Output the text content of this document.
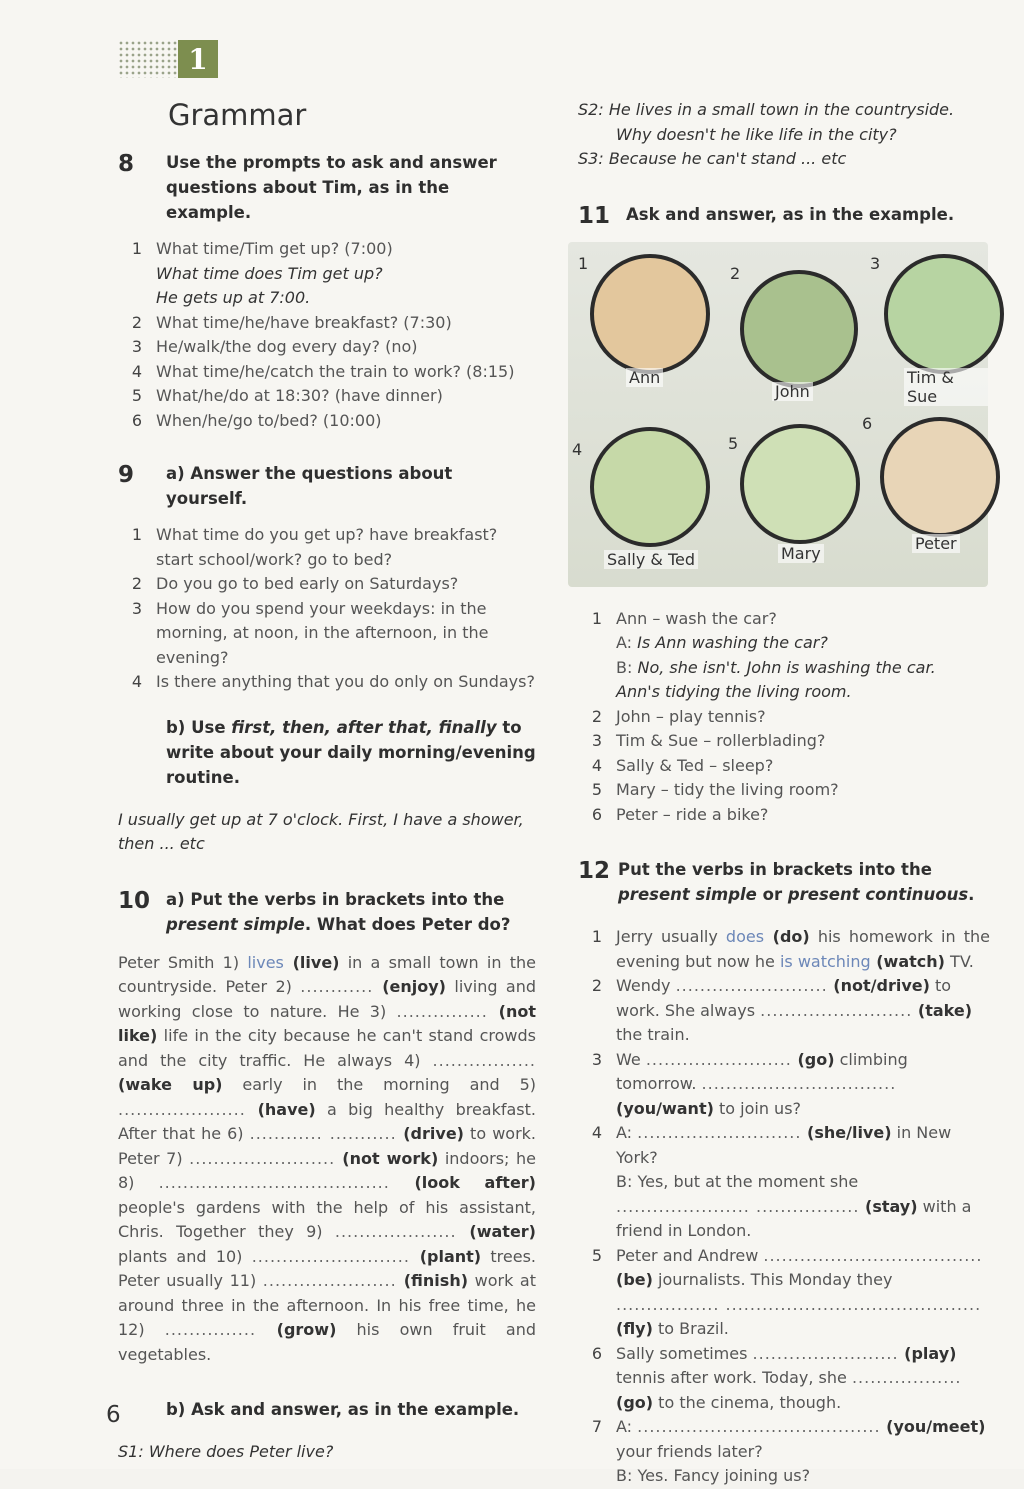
1
Grammar
8	Use the prompts to ask and answer questions about Tim, as in the example.
1 What time/Tim get up? (7:00)
What time does Tim get up?
He gets up at 7:00.
2 What time/he/have breakfast? (7:30)
3 He/walk/the dog every day? (no)
4 What time/he/catch the train to work? (8:15)
5 What/he/do at 18:30? (have dinner)
6 When/he/go to/bed? (10:00)
9	a) Answer the questions about yourself.
1 What time do you get up? have breakfast? start school/work? go to bed?
2 Do you go to bed early on Saturdays?
3 How do you spend your weekdays: in the morning, at noon, in the afternoon, in the evening?
4 Is there anything that you do only on Sundays?
b) Use first, then, after that, finally to write about your daily morning/evening routine.
I usually get up at 7 o'clock. First, I have a shower, then ... etc
10 a) Put the verbs in brackets into the present simple. What does Peter do?
Peter Smith 1) lives (live) in a small town in the countryside. Peter 2) ............ (enjoy) living and working close to nature. He 3) ............... (not like) life in the city because he can't stand crowds and the city traffic. He always 4) ................. (wake up) early in the morning and 5) ..................... (have) a big healthy breakfast. After that he 6) ............ ........... (drive) to work. Peter 7) ........................ (not work) indoors; he 8) ...................................... (look after) people's gardens with the help of his assistant, Chris. Together they 9) .................... (water) plants and 10) .......................... (plant) trees. Peter usually 11) ...................... (finish) work at around three in the afternoon. In his free time, he 12) ............... (grow) his own fruit and vegetables.
b) Ask and answer, as in the example.
S1: Where does Peter live?
S2: He lives in a small town in the countryside.
Why doesn't he like life in the city?
S3: Because he can't stand ... etc
11 Ask and answer, as in the example.
1
2
3
4	5
6
Ann
John
Tim & Sue
Sally & Ted	Mary
Peter
1 Ann – wash the car?
A: Is Ann washing the car?
B: No, she isn't. John is washing the car.
Ann's tidying the living room.
2 John – play tennis?
3 Tim & Sue – rollerblading?
4 Sally & Ted – sleep?
5 Mary – tidy the living room?
6 Peter – ride a bike?
12 Put the verbs in brackets into the present simple or present continuous.
1 Jerry usually does (do) his homework in the evening but now he is watching (watch) TV.
2 Wendy ......................... (not/drive) to work. She always ......................... (take) the train.
3 We ........................ (go) climbing tomorrow. ................................ (you/want) to join us?
4 A: ........................... (she/live) in New York?
B: Yes, but at the moment she ...................... ................. (stay) with a friend in London.
5 Peter and Andrew .................................... (be) journalists. This Monday they ................. .......................................... (fly) to Brazil.
6 Sally sometimes ........................ (play) tennis after work. Today, she .................. (go) to the cinema, though.
7 A: ........................................ (you/meet) your friends later?
B: Yes. Fancy joining us?
6
